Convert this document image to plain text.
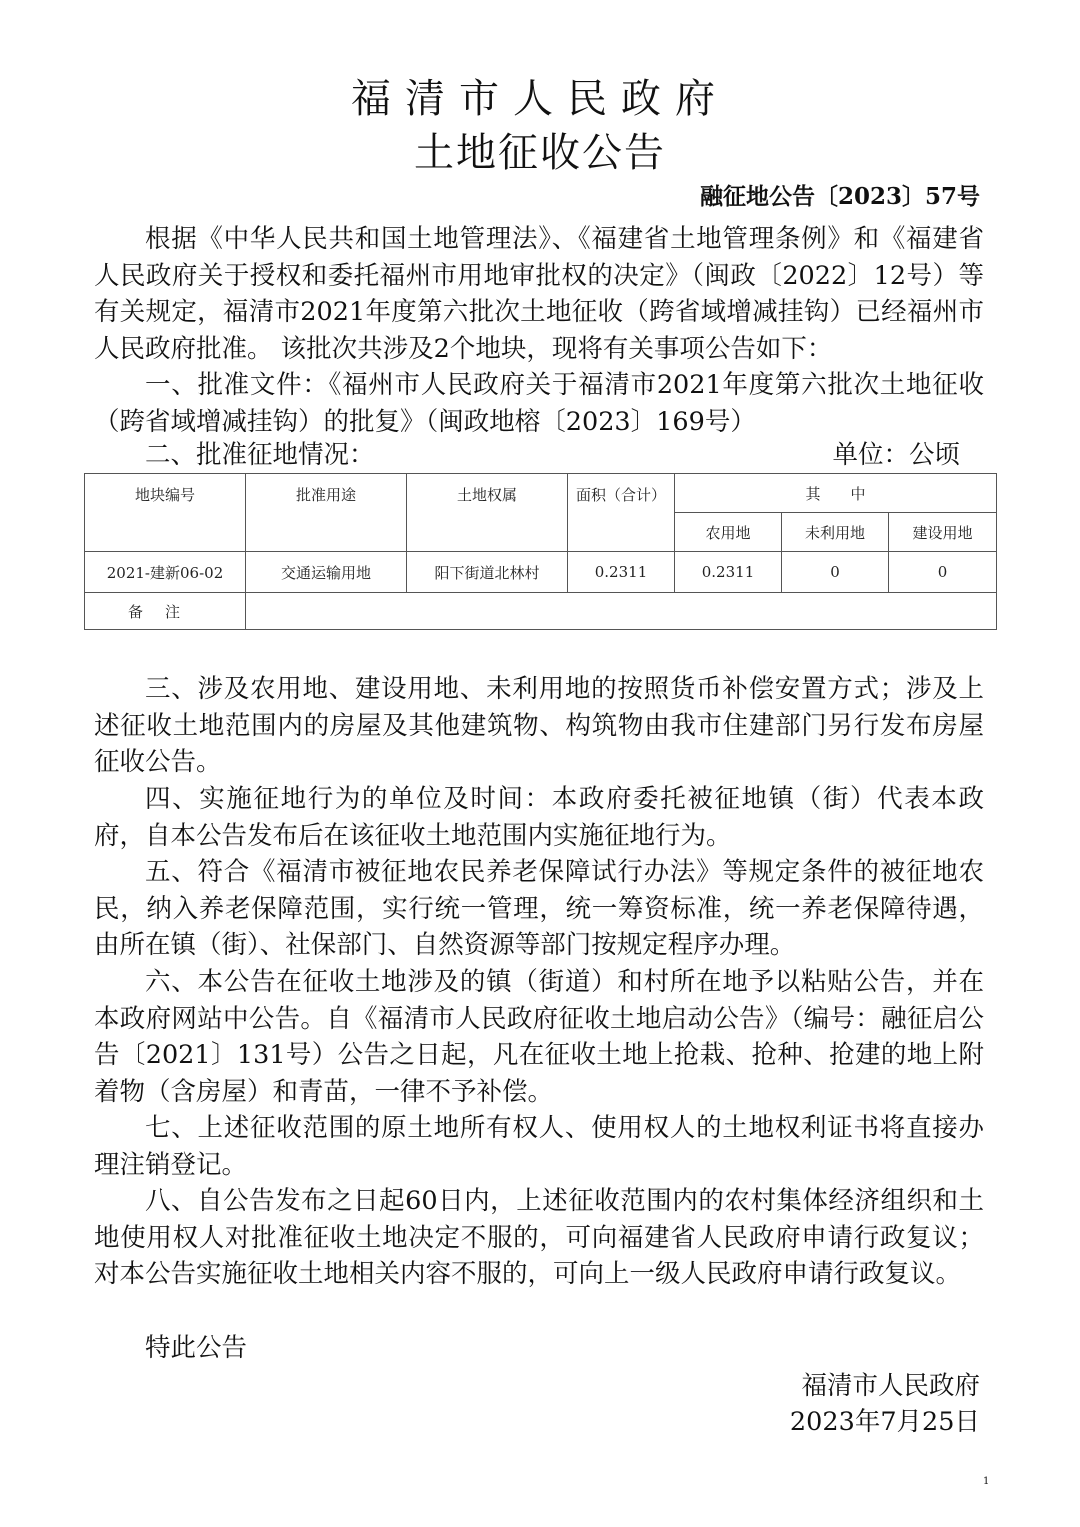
福清市人民政府
土地征收公告
融征地公告〔2023〕57号

根据《中华人民共和国土地管理法》、《福建省土地管理条例》和《福建省人民政府关于授权和委托福州市用地审批权的决定》（闽政〔2022〕12号）等有关规定，福清市2021年度第六批次土地征收（跨省域增减挂钩）已经福州市人民政府批准。 该批次共涉及2个地块，现将有关事项公告如下：

一、批准文件：《福州市人民政府关于福清市2021年度第六批次土地征收（跨省域增减挂钩）的批复》（闽政地榕〔2023〕169号）

二、批准征地情况：	单位：公顷
地块编号	批准用途	土地权属	面积（合计）	其　　中		
				农用地	未利用地	建设用地
2021-建新06-02	交通运输用地	阳下街道北林村	0.2311	0.2311	0	0
备注						

三、涉及农用地、建设用地、未利用地的按照货币补偿安置方式；涉及上述征收土地范围内的房屋及其他建筑物、构筑物由我市住建部门另行发布房屋征收公告。

四、实施征地行为的单位及时间：本政府委托被征地镇（街）代表本政府，自本公告发布后在该征收土地范围内实施征地行为。

五、符合《福清市被征地农民养老保障试行办法》等规定条件的被征地农民，纳入养老保障范围，实行统一管理，统一筹资标准，统一养老保障待遇，由所在镇（街）、社保部门、自然资源等部门按规定程序办理。

六、本公告在征收土地涉及的镇（街道）和村所在地予以粘贴公告，并在本政府网站中公告。自《福清市人民政府征收土地启动公告》（编号：融征启公告〔2021〕131号）公告之日起，凡在征收土地上抢栽、抢种、抢建的地上附着物（含房屋）和青苗，一律不予补偿。

七、上述征收范围的原土地所有权人、使用权人的土地权利证书将直接办理注销登记。

八、自公告发布之日起60日内，上述征收范围内的农村集体经济组织和土地使用权人对批准征收土地决定不服的，可向福建省人民政府申请行政复议；对本公告实施征收土地相关内容不服的，可向上一级人民政府申请行政复议。

特此公告

福清市人民政府
2023年7月25日
1
